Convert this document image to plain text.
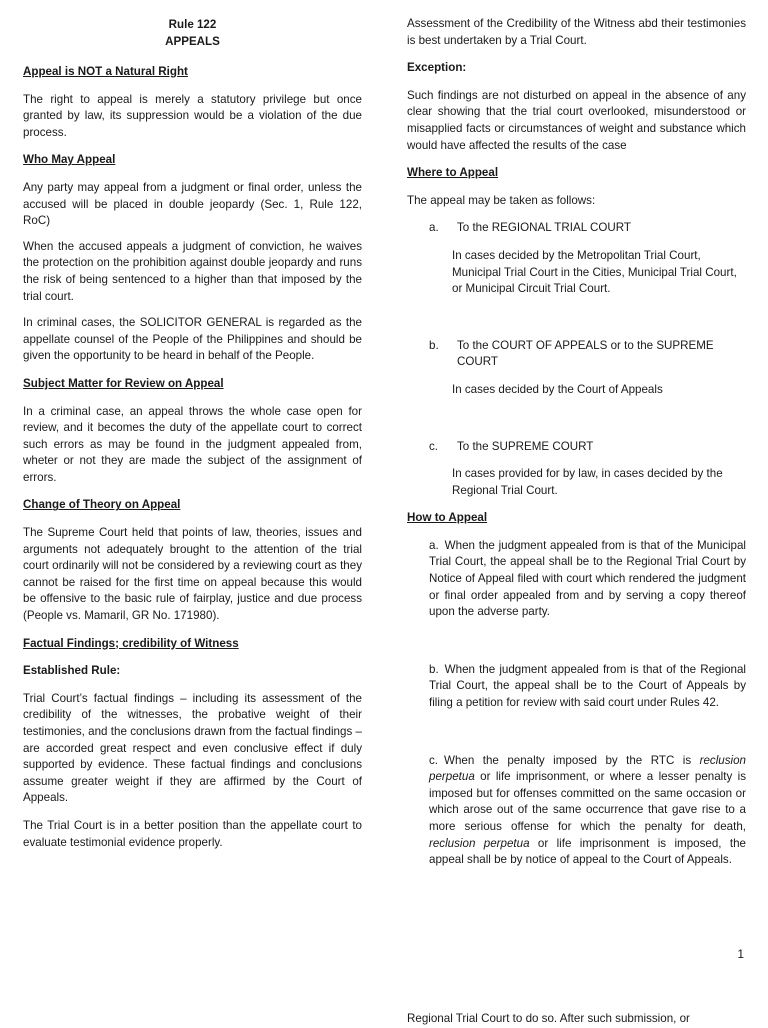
Rule 122

APPEALS

Appeal is NOT a Natural Right

The right to appeal is merely a statutory privilege but once granted by law, its suppression would be a violation of the due process.

Who May Appeal

Any party may appeal from a judgment or final order, unless the accused will be placed in double jeopardy (Sec. 1, Rule 122, RoC)

When the accused appeals a judgment of conviction, he waives the protection on the prohibition against double jeopardy and runs the risk of being sentenced to a higher than that imposed by the trial court.

In criminal cases, the SOLICITOR GENERAL is regarded as the appellate counsel of the People of the Philippines and should be given the opportunity to be heard in behalf of the People.

Subject Matter for Review on Appeal

In a criminal case, an appeal throws the whole case open for review, and it becomes the duty of the appellate court to correct such errors as may be found in the judgment appealed from, wheter or not they are made the subject of the assignment of errors.

Change of Theory on Appeal

The Supreme Court held that points of law, theories, issues and arguments not adequately brought to the attention of the trial court ordinarily will not be considered by a reviewing court as they cannot be raised for the first time on appeal because this would be offensive to the basic rule of fairplay, justice and due process (People vs. Mamaril, GR No. 171980).

Factual Findings; credibility of Witness

Established Rule:

Trial Court’s factual findings – including its assessment of the credibility of the witnesses, the probative weight of their testimonies, and the conclusions drawn from the factual findings – are accorded great respect and even conclusive effect if duly supported by evidence. These factual findings and conclusions assume greater weight if they are affirmed by the Court of Appeals.

The Trial Court is in a better position than the appellate court to evaluate testimonial evidence properly.

Assessment of the Credibility of the Witness abd their testimonies is best undertaken by a Trial Court.

Exception:

Such findings are not disturbed on appeal in the absence of any clear showing that the trial court overlooked, misunderstood or misapplied facts or circumstances of weight and substance which would have affected the results of the case

Where to Appeal

The appeal may be taken as follows:

a.	To the REGIONAL TRIAL COURT

In cases decided by the Metropolitan Trial Court, Municipal Trial Court in the Cities, Municipal Trial Court, or Municipal Circuit Trial Court.

b.	To the COURT OF APPEALS or to the SUPREME COURT

In cases decided by the Court of Appeals

c.	To the SUPREME COURT

In cases provided for by law, in cases decided by the Regional Trial Court.

How to Appeal

a. When the judgment appealed from is that of the Municipal Trial Court, the appeal shall be to the Regional Trial Court by Notice of Appeal filed with court which rendered the judgment or final order appealed from and by serving a copy thereof upon the adverse party.

b. When the judgment appealed from is that of the Regional Trial Court, the appeal shall be to the Court of Appeals by filing a petition for review with said court under Rules 42.

c. When the penalty imposed by the RTC is reclusion perpetua or life imprisonment, or where a lesser penalty is imposed but for offenses committed on the same occasion or which arose out of the same occurrence that gave rise to a more serious offense for which the penalty for death, reclusion perpetua or life imprisonment is imposed, the appeal shall be by notice of appeal to the Court of Appeals.

1

Regional Trial Court to do so. After such submission, or
